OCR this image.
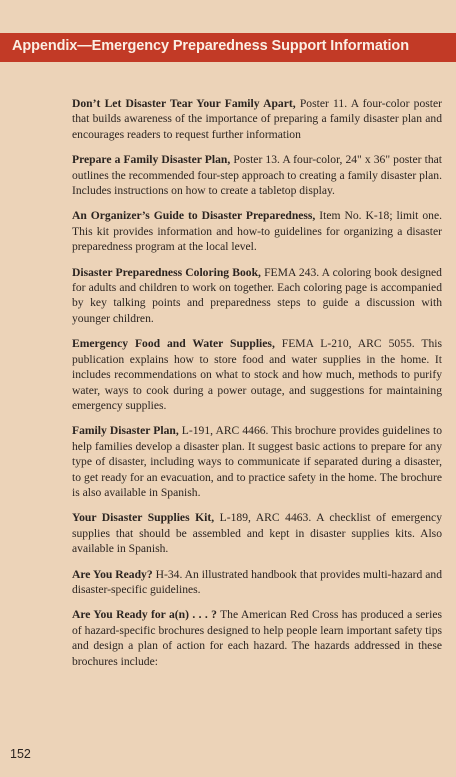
Appendix—Emergency Preparedness Support Information

Don’t Let Disaster Tear Your Family Apart, Poster 11. A four-color poster that builds awareness of the importance of preparing a family disaster plan and encourages readers to request further information

Prepare a Family Disaster Plan, Poster 13. A four-color, 24" x 36" poster that outlines the recommended four-step approach to creating a family disaster plan. Includes instructions on how to create a tabletop display.

An Organizer’s Guide to Disaster Preparedness, Item No. K-18; limit one. This kit provides information and how-to guidelines for organizing a disaster preparedness program at the local level.

Disaster Preparedness Coloring Book, FEMA 243. A coloring book designed for adults and children to work on together. Each coloring page is accompanied by key talking points and preparedness steps to guide a discussion with younger children.

Emergency Food and Water Supplies, FEMA L-210, ARC 5055. This publication explains how to store food and water supplies in the home. It includes recommendations on what to stock and how much, methods to purify water, ways to cook during a power outage, and suggestions for maintaining emergency supplies.

Family Disaster Plan, L-191, ARC 4466. This brochure provides guidelines to help families develop a disaster plan. It suggest basic actions to prepare for any type of disaster, including ways to communicate if separated during a disaster, to get ready for an evacuation, and to practice safety in the home. The brochure is also available in Spanish.

Your Disaster Supplies Kit, L-189, ARC 4463. A checklist of emergency supplies that should be assembled and kept in disaster supplies kits. Also available in Spanish.

Are You Ready? H-34. An illustrated handbook that provides multi-hazard and disaster-specific guidelines.

Are You Ready for a(n) . . . ? The American Red Cross has produced a series of hazard-specific brochures designed to help people learn important safety tips and design a plan of action for each hazard. The hazards addressed in these brochures include:

152
